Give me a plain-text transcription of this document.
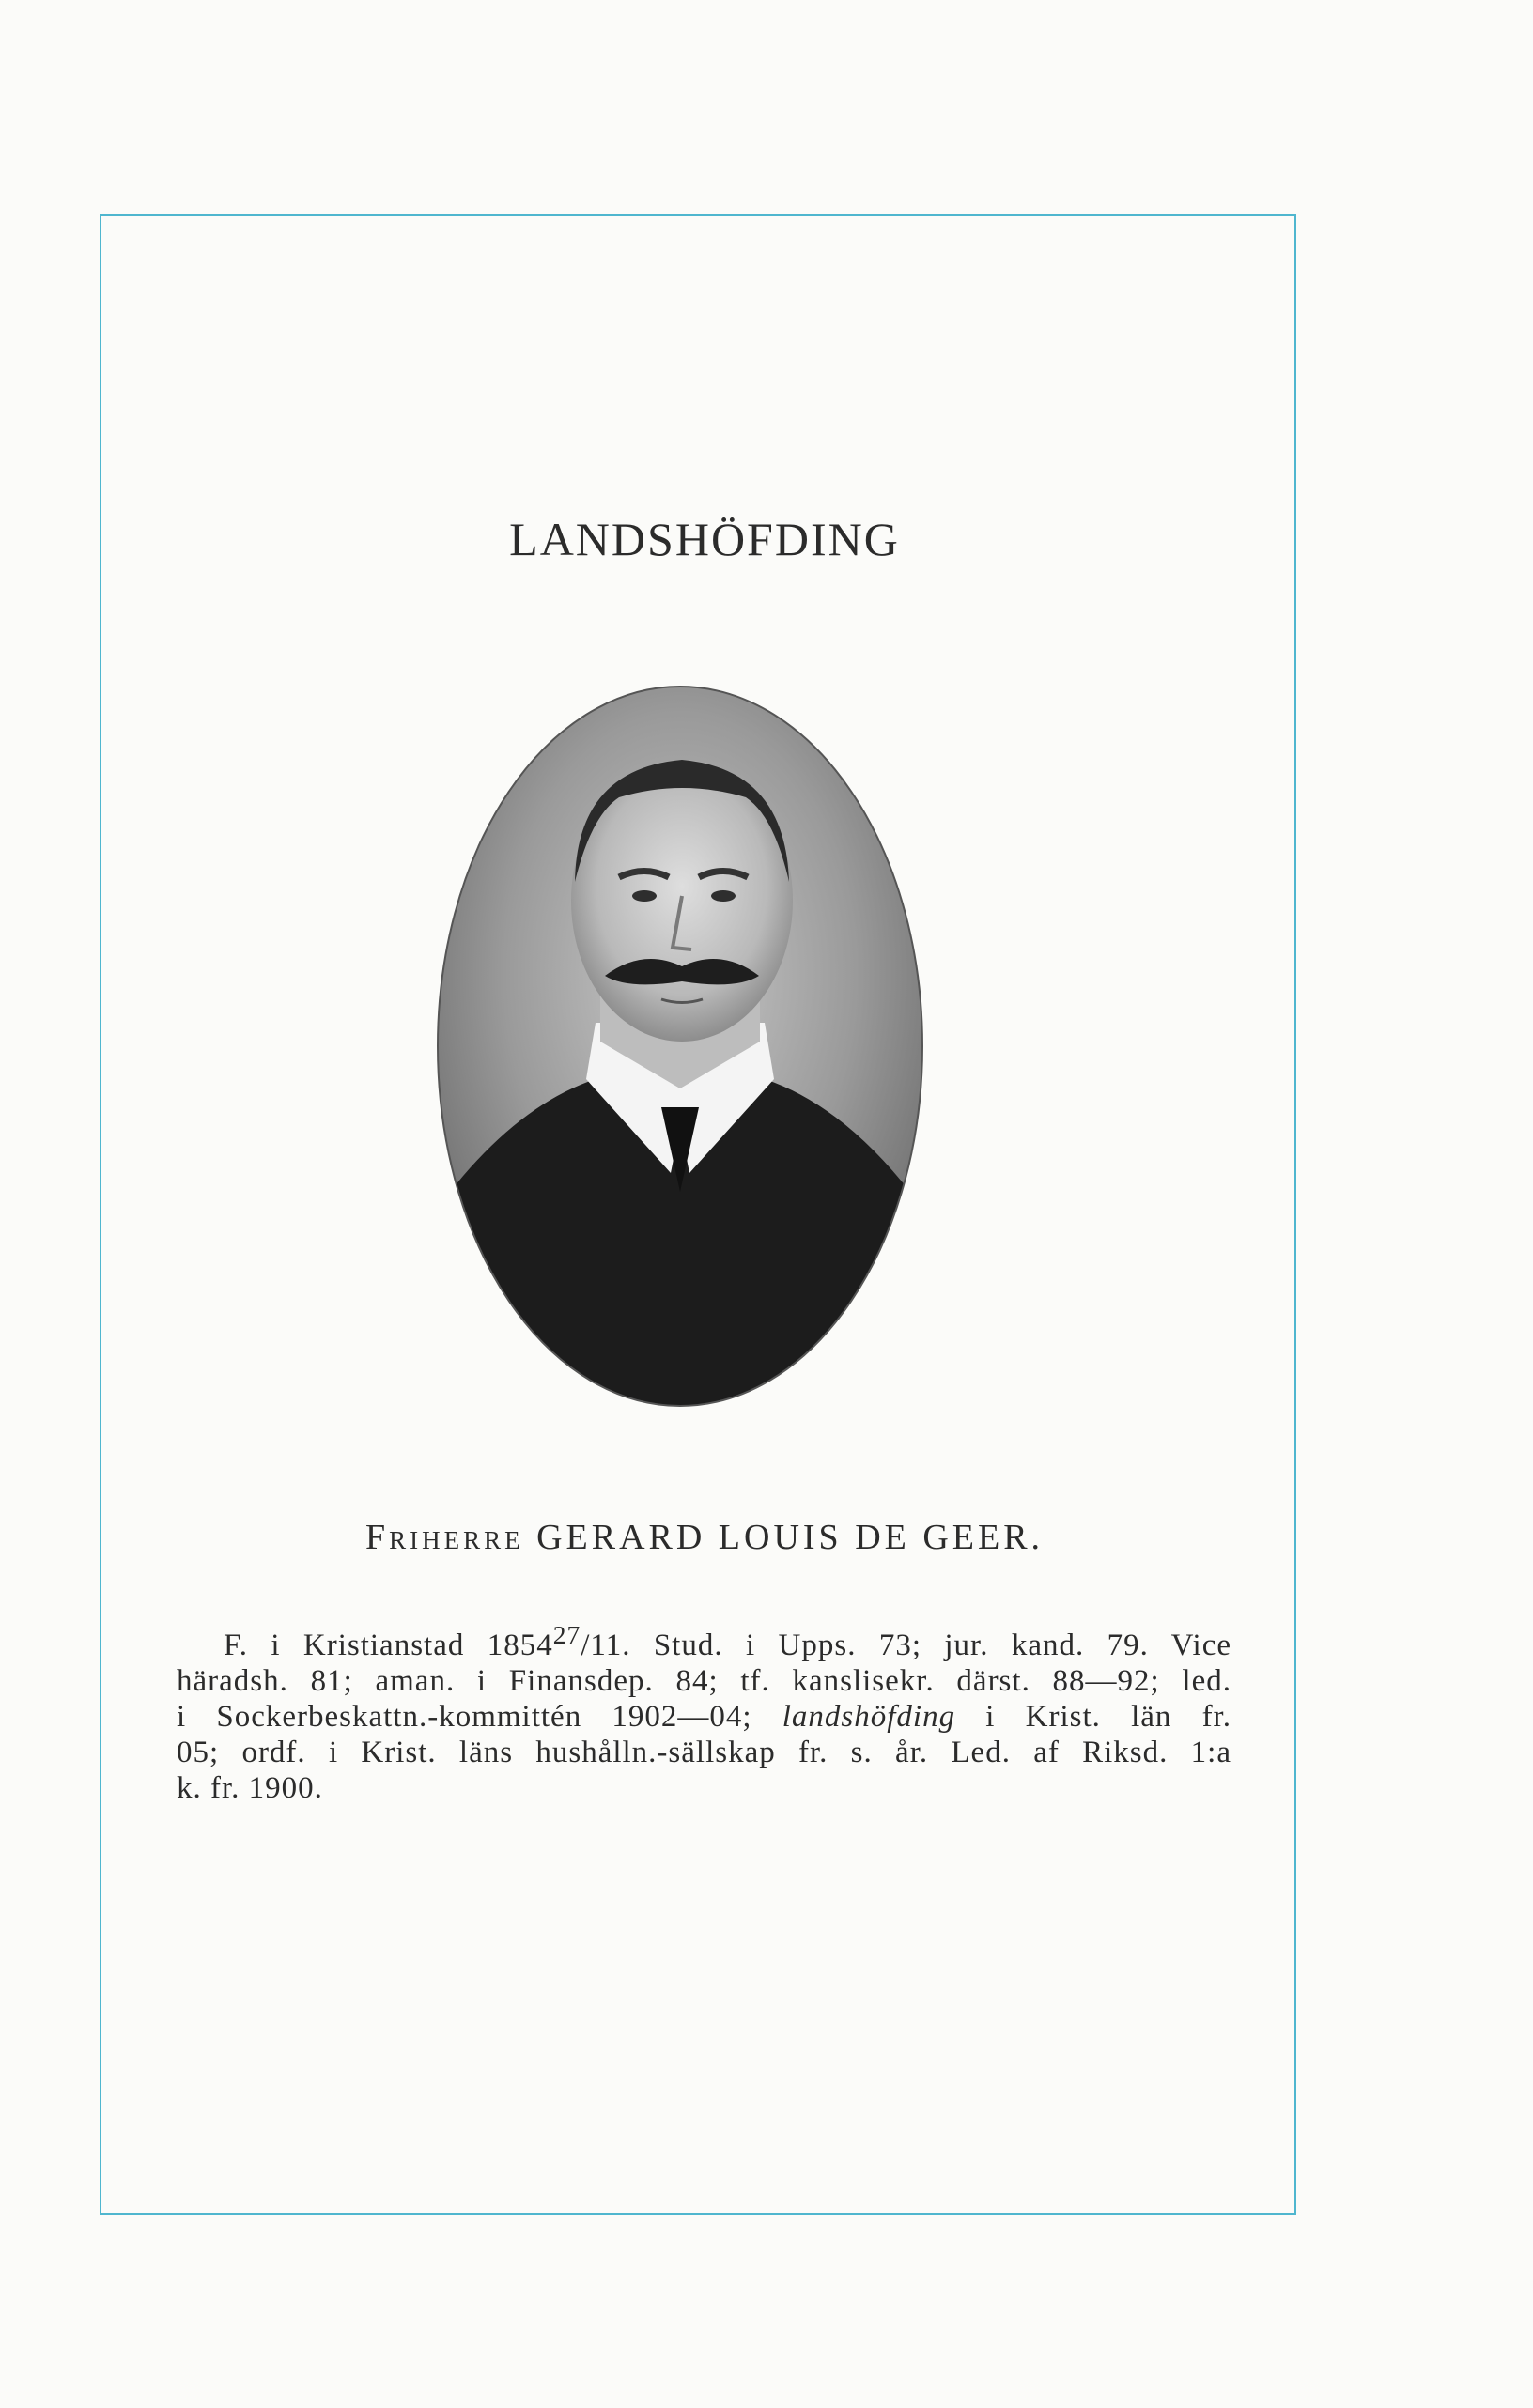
LANDSHÖFDING
Friherre GERARD LOUIS DE GEER.
F. i Kristianstad 1854$^{27}$/11. Stud. i Upps. 73; jur. kand. 79. Vice
häradsh. 81; aman. i Finansdep. 84; tf. kanslisekr. därst. 88—92; led.
i Sockerbeskattn.-kommittén 1902—04; landshöfding i Krist. län fr.
05; ordf. i Krist. läns hushålln.-sällskap fr. s. år. Led. af Riksd. 1:a
k. fr. 1900.
